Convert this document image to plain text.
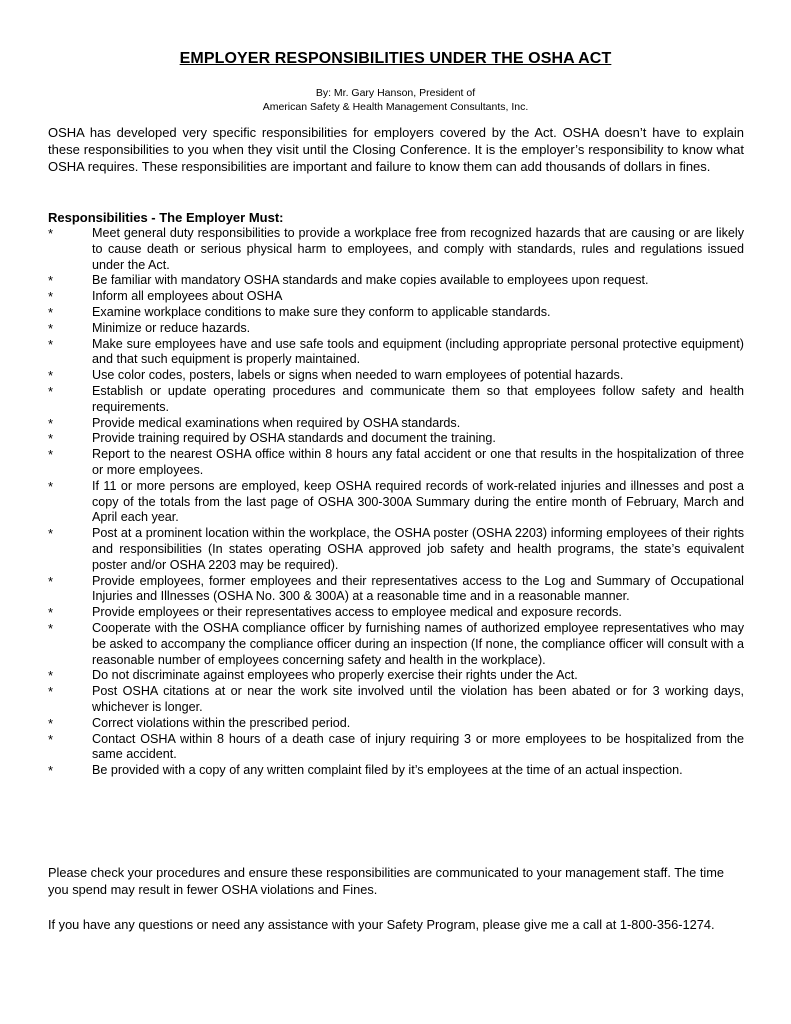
EMPLOYER RESPONSIBILITIES UNDER THE OSHA ACT
By: Mr. Gary Hanson, President of
American Safety & Health Management Consultants, Inc.

OSHA has developed very specific responsibilities for employers covered by the Act. OSHA doesn’t have to explain these responsibilities to you when they visit until the Closing Conference. It is the employer’s responsibility to know what OSHA requires. These responsibilities are important and failure to know them can add thousands of dollars in fines.

Responsibilities - The Employer Must:
*	Meet general duty responsibilities to provide a workplace free from recognized hazards that are causing or are likely to cause death or serious physical harm to employees, and comply with standards, rules and regulations issued under the Act.
*	Be familiar with mandatory OSHA standards and make copies available to employees upon request.
*	Inform all employees about OSHA
*	Examine workplace conditions to make sure they conform to applicable standards.
*	Minimize or reduce hazards.
*	Make sure employees have and use safe tools and equipment (including appropriate personal protective equipment) and that such equipment is properly maintained.
*	Use color codes, posters, labels or signs when needed to warn employees of potential hazards.
*	Establish or update operating procedures and communicate them so that employees follow safety and health requirements.
*	Provide medical examinations when required by OSHA standards.
*	Provide training required by OSHA standards and document the training.
*	Report to the nearest OSHA office within 8 hours any fatal accident or one that results in the hospitalization of three or more employees.
*	If 11 or more persons are employed, keep OSHA required records of work-related injuries and illnesses and post a copy of the totals from the last page of OSHA 300-300A Summary during the entire month of February, March and April each year.
*	Post at a prominent location within the workplace, the OSHA poster (OSHA 2203) informing employees of their rights and responsibilities (In states operating OSHA approved job safety and health programs, the state’s equivalent poster and/or OSHA 2203 may be required).
*	Provide employees, former employees and their representatives access to the Log and Summary of Occupational Injuries and Illnesses (OSHA No. 300 & 300A) at a reasonable time and in a reasonable manner.
*	Provide employees or their representatives access to employee medical and exposure records.
*	Cooperate with the OSHA compliance officer by furnishing names of authorized employee representatives who may be asked to accompany the compliance officer during an inspection (If none, the compliance officer will consult with a reasonable number of employees concerning safety and health in the workplace).
*	Do not discriminate against employees who properly exercise their rights under the Act.
*	Post OSHA citations at or near the work site involved until the violation has been abated or for 3 working days, whichever is longer.
*	Correct violations within the prescribed period.
*	Contact OSHA within 8 hours of a death case of injury requiring 3 or more employees to be hospitalized from the same accident.
*	Be provided with a copy of any written complaint filed by it’s employees at the time of an actual inspection.

Please check your procedures and ensure these responsibilities are communicated to your management staff. The time you spend may result in fewer OSHA violations and Fines.

If you have any questions or need any assistance with your Safety Program, please give me a call at 1-800-356-1274.
